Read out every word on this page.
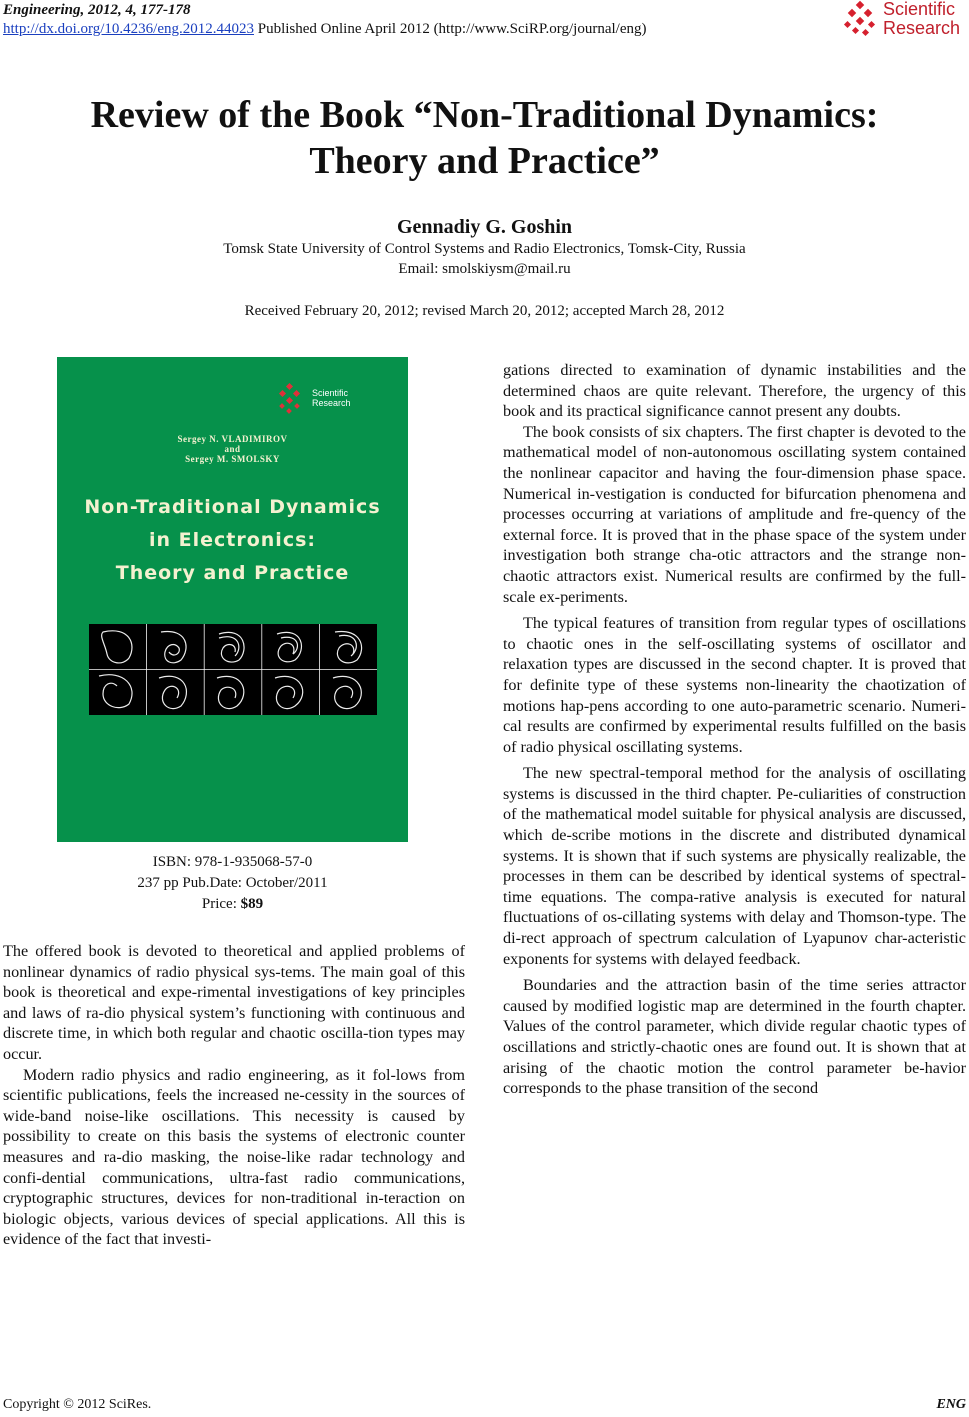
Engineering, 2012, 4, 177-178
http://dx.doi.org/10.4236/eng.2012.44023 Published Online April 2012 (http://www.SciRP.org/journal/eng)
Scientific
Research
Review of the Book “Non-Traditional Dynamics:
Theory and Practice”
Gennadiy G. Goshin
Tomsk State University of Control Systems and Radio Electronics, Tomsk-City, Russia
Email: smolskiysm@mail.ru
Received February 20, 2012; revised March 20, 2012; accepted March 28, 2012
Scientific
Research
Sergey N. VLADIMIROV
and
Sergey M. SMOLSKY
Non-Traditional Dynamics
in Electronics:
Theory and Practice
ISBN: 978-1-935068-57-0
237 pp Pub.Date: October/2011
Price: $89

The offered book is devoted to theoretical and applied problems of nonlinear dynamics of radio physical sys-tems. The main goal of this book is theoretical and expe-rimental investigations of key principles and laws of ra-dio physical system’s functioning with continuous and discrete time, in which both regular and chaotic oscilla-tion types may occur.

Modern radio physics and radio engineering, as it fol-lows from scientific publications, feels the increased ne-cessity in the sources of wide-band noise-like oscillations. This necessity is caused by possibility to create on this basis the systems of electronic counter measures and ra-dio masking, the noise-like radar technology and confi-dential communications, ultra-fast radio communications, cryptographic structures, devices for non-traditional in-teraction on biologic objects, various devices of special applications. All this is evidence of the fact that investi-

gations directed to examination of dynamic instabilities and the determined chaos are quite relevant. Therefore, the urgency of this book and its practical significance cannot present any doubts.

The book consists of six chapters. The first chapter is devoted to the mathematical model of non-autonomous oscillating system contained the nonlinear capacitor and having the four-dimension phase space. Numerical in-vestigation is conducted for bifurcation phenomena and processes occurring at variations of amplitude and fre-quency of the external force. It is proved that in the phase space of the system under investigation both strange cha-otic attractors and the strange non-chaotic attractors exist. Numerical results are confirmed by the full-scale ex-periments.

The typical features of transition from regular types of oscillations to chaotic ones in the self-oscillating systems of oscillator and relaxation types are discussed in the second chapter. It is proved that for definite type of these systems non-linearity the chaotization of motions hap-pens according to one auto-parametric scenario. Numeri-cal results are confirmed by experimental results fulfilled on the basis of radio physical oscillating systems.

The new spectral-temporal method for the analysis of oscillating systems is discussed in the third chapter. Pe-culiarities of construction of the mathematical model suitable for physical analysis are discussed, which de-scribe motions in the discrete and distributed dynamical systems. It is shown that if such systems are physically realizable, the processes in them can be described by identical systems of spectral-time equations. The compa-rative analysis is executed for natural fluctuations of os-cillating systems with delay and Thomson-type. The di-rect approach of spectrum calculation of Lyapunov char-acteristic exponents for systems with delayed feedback.

Boundaries and the attraction basin of the time series attractor caused by modified logistic map are determined in the fourth chapter. Values of the control parameter, which divide regular chaotic types of oscillations and strictly-chaotic ones are found out. It is shown that at arising of the chaotic motion the control parameter be-havior corresponds to the phase transition of the second

Copyright © 2012 SciRes.	ENG
